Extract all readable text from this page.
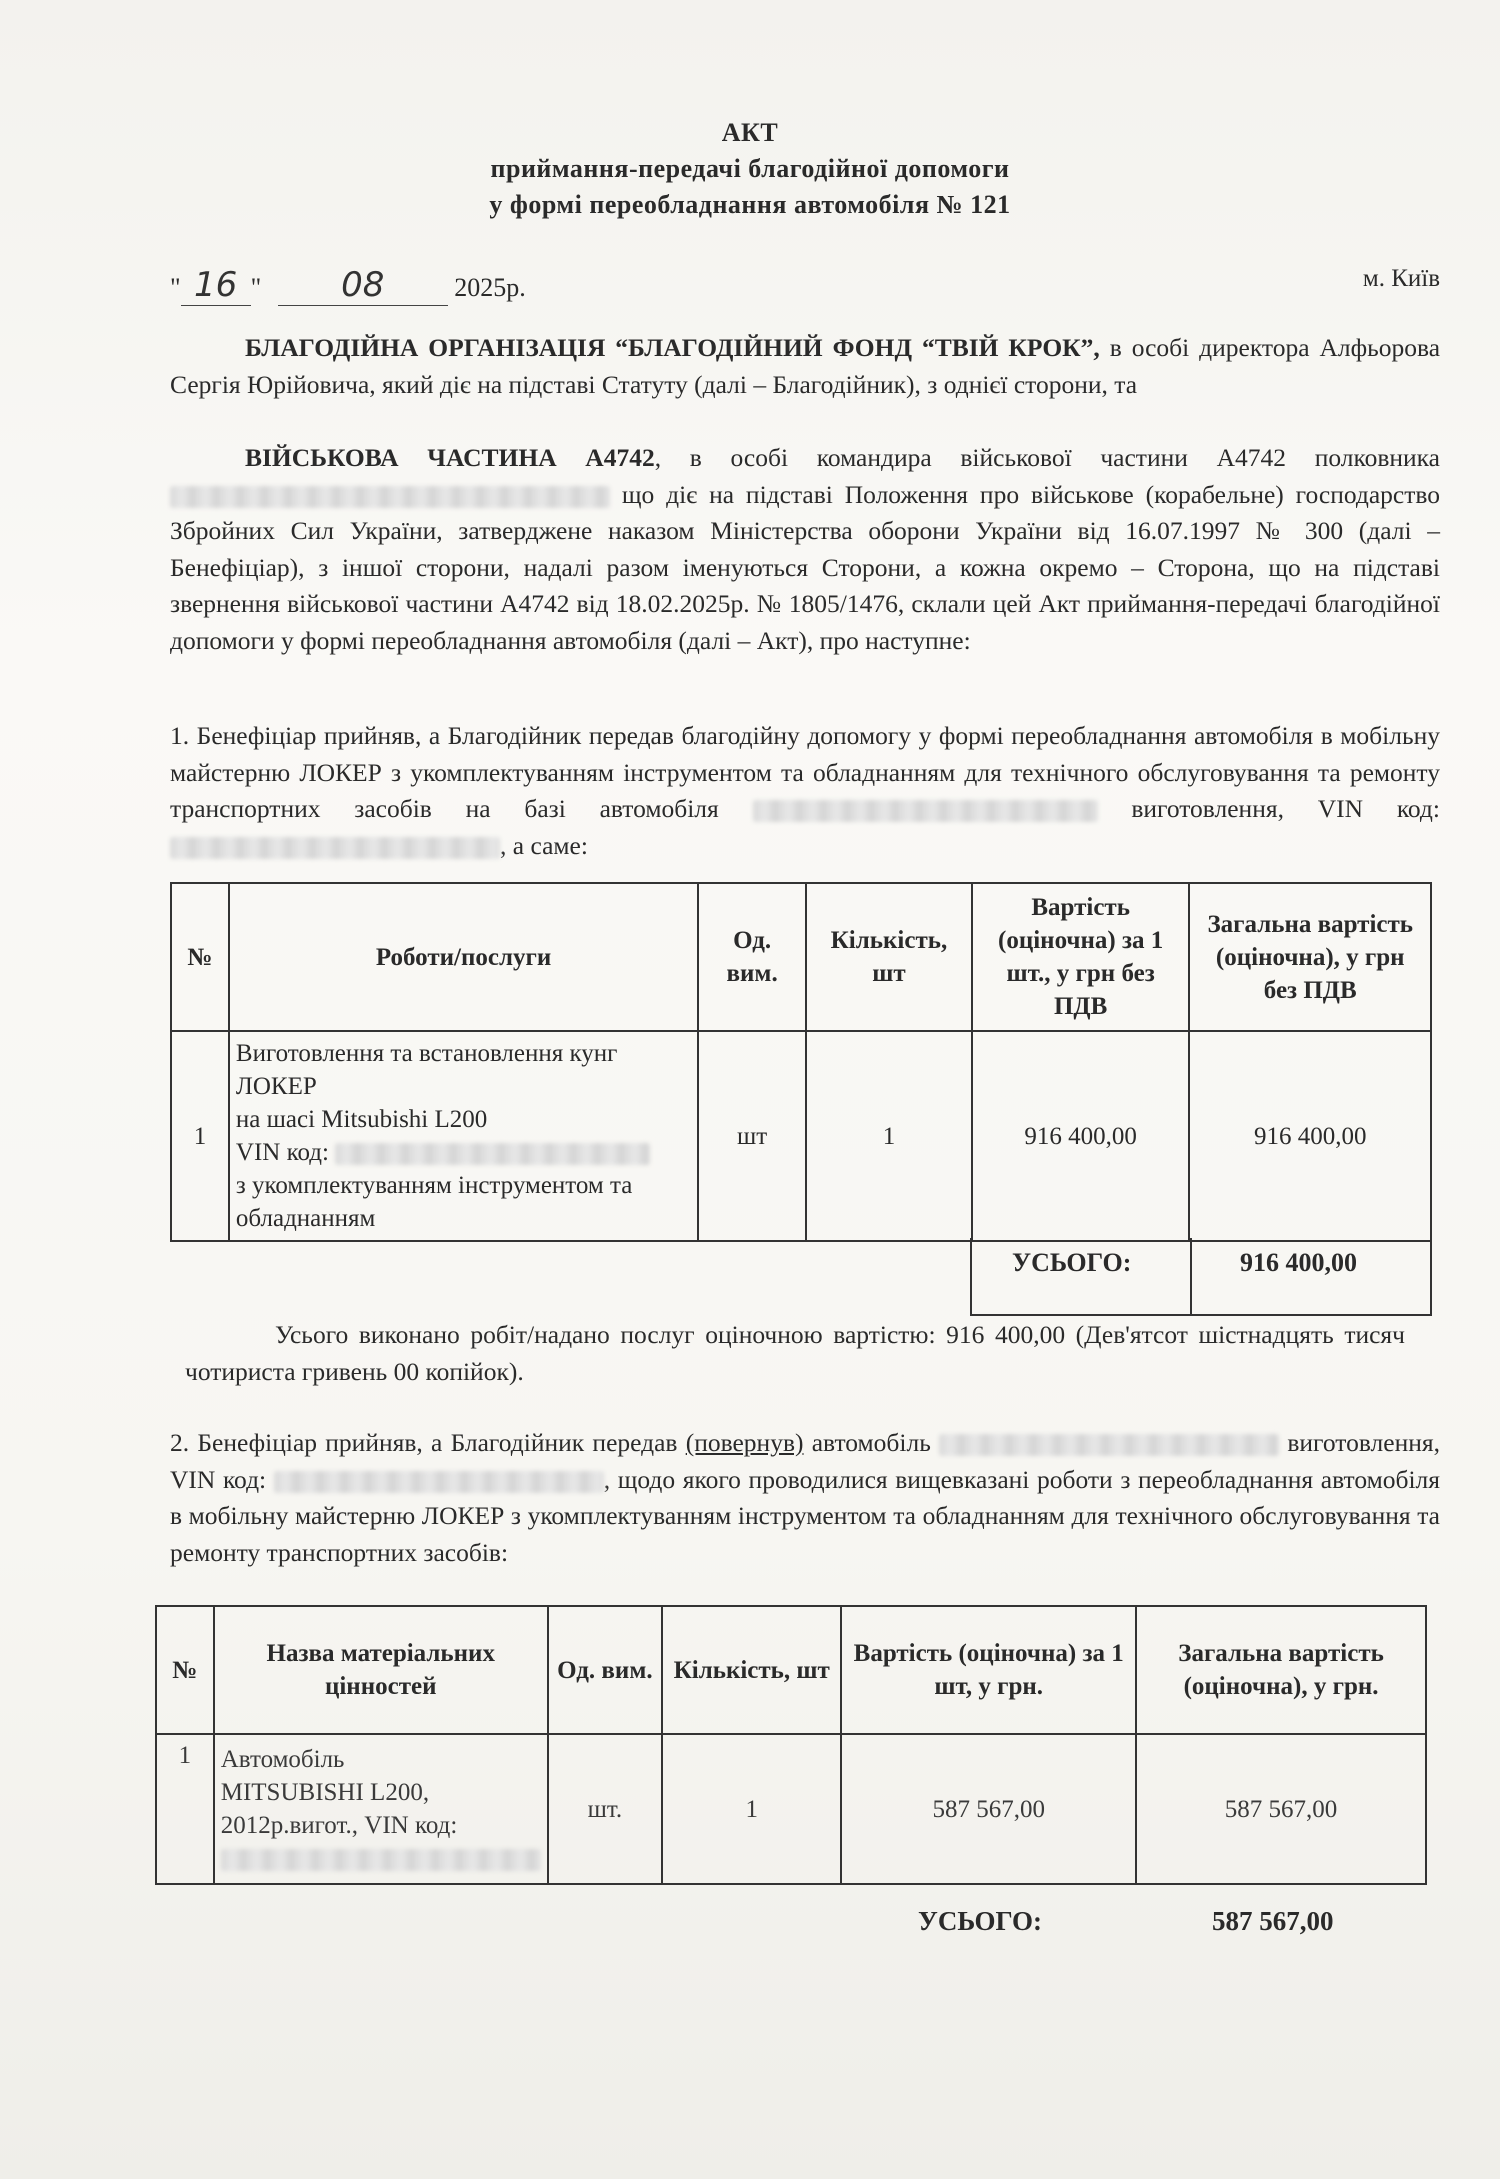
АКТ
приймання-передачі благодійної допомоги
у формі переобладнання автомобіля № 121
" 16 " 08	2025р.	м. Київ
БЛАГОДІЙНА ОРГАНІЗАЦІЯ “БЛАГОДІЙНИЙ ФОНД “ТВІЙ КРОК”, в особі директора Алфьорова Сергія Юрійовича, який діє на підставі Статуту (далі – Благодійник), з однієї сторони, та
ВІЙСЬКОВА ЧАСТИНА А4742, в особі командира військової частини А4742 полковника  що діє на підставі Положення про військове (корабельне) господарство Збройних Сил України, затверджене наказом Міністерства оборони України від 16.07.1997 № 300 (далі – Бенефіціар), з іншої сторони, надалі разом іменуються Сторони, а кожна окремо – Сторона, що на підставі звернення військової частини А4742 від 18.02.2025р. № 1805/1476, склали цей Акт приймання-передачі благодійної допомоги у формі переобладнання автомобіля (далі – Акт), про наступне:
1. Бенефіціар прийняв, а Благодійник передав благодійну допомогу у формі переобладнання автомобіля в мобільну майстерню ЛОКЕР з укомплектуванням інструментом та обладнанням для технічного обслуговування та ремонту транспортних засобів на базі автомобіля	виготовлення, VIN код: , а саме:
№	Роботи/послуги	Од. вим.	Кількість, шт	Вартість (оціночна) за 1 шт., у грн без ПДВ	Загальна вартість (оціночна), у грн без ПДВ
1	Виготовлення та встановлення кунг ЛОКЕР
на шасі Mitsubishi L200
VIN код:
з укомплектуванням інструментом та обладнанням	шт	1	916 400,00	916 400,00
УСЬОГО:	916 400,00
Усього виконано робіт/надано послуг оціночною вартістю: 916 400,00 (Дев'ятсот шістнадцять тисяч чотириста гривень 00 копійок).
2. Бенефіціар прийняв, а Благодійник передав (повернув) автомобіль	виготовлення, VIN код:	, щодо якого проводилися вищевказані роботи з переобладнання автомобіля в мобільну майстерню ЛОКЕР з укомплектуванням інструментом та обладнанням для технічного обслуговування та ремонту транспортних засобів:
№	Назва матеріальних цінностей	Од. вим.	Кількість, шт	Вартість (оціночна) за 1 шт, у грн.	Загальна вартість (оціночна), у грн.
1	Автомобіль
MITSUBISHI L200,
2012р.вигот., VIN код:	шт.	1	587 567,00	587 567,00
УСЬОГО:	587 567,00
